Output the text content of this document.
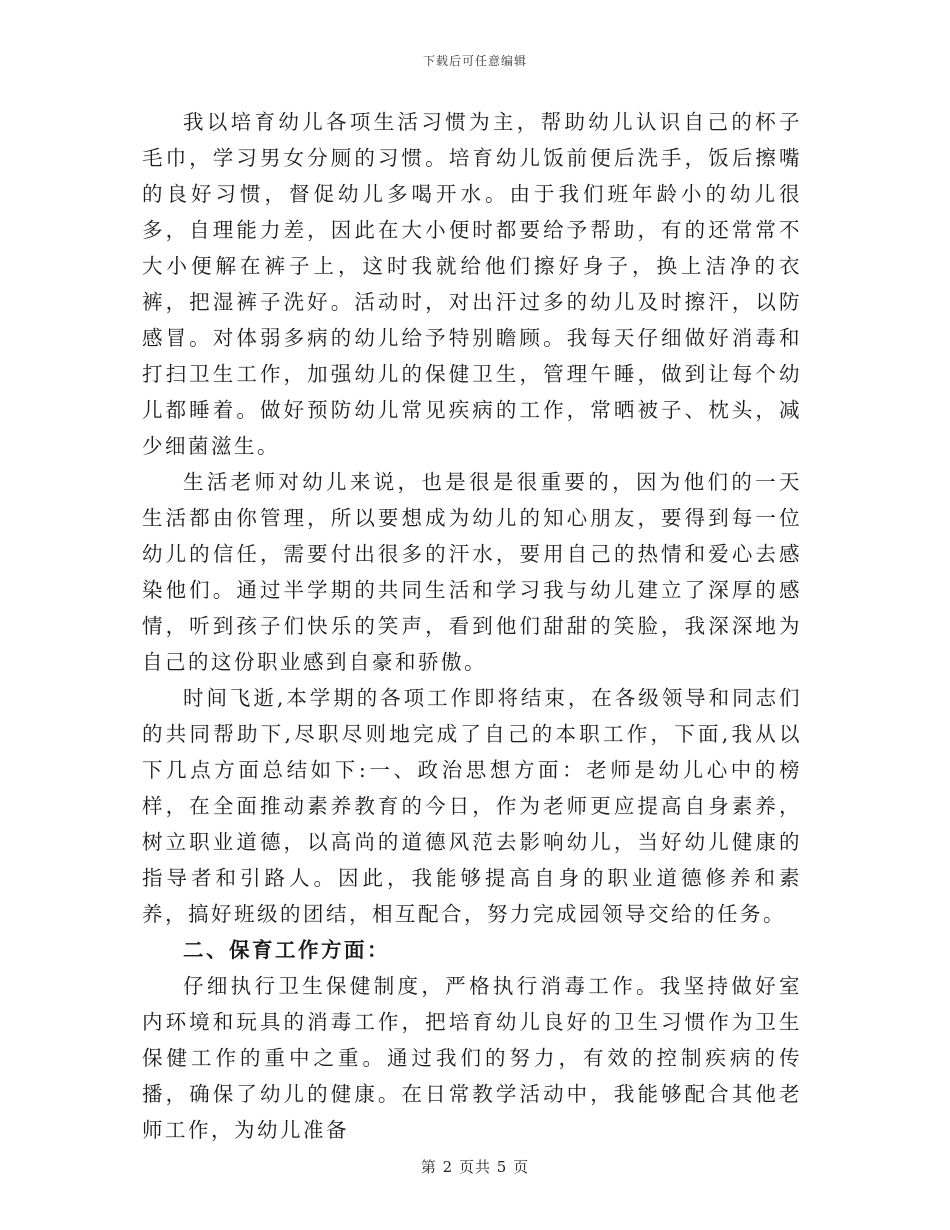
下载后可任意编辑

我以培育幼儿各项生活习惯为主，帮助幼儿认识自己的杯子毛巾，学习男女分厕的习惯。培育幼儿饭前便后洗手，饭后擦嘴的良好习惯，督促幼儿多喝开水。由于我们班年龄小的幼儿很多，自理能力差，因此在大小便时都要给予帮助，有的还常常不大小便解在裤子上，这时我就给他们擦好身子，换上洁净的衣裤，把湿裤子洗好。活动时，对出汗过多的幼儿及时擦汗，以防感冒。对体弱多病的幼儿给予特别瞻顾。我每天仔细做好消毒和打扫卫生工作，加强幼儿的保健卫生，管理午睡，做到让每个幼儿都睡着。做好预防幼儿常见疾病的工作，常晒被子、枕头，减少细菌滋生。

生活老师对幼儿来说，也是很是很重要的，因为他们的一天生活都由你管理，所以要想成为幼儿的知心朋友，要得到每一位幼儿的信任，需要付出很多的汗水，要用自己的热情和爱心去感染他们。通过半学期的共同生活和学习我与幼儿建立了深厚的感情，听到孩子们快乐的笑声，看到他们甜甜的笑脸，我深深地为自己的这份职业感到自豪和骄傲。

时间飞逝,本学期的各项工作即将结束，在各级领导和同志们的共同帮助下,尽职尽则地完成了自己的本职工作，下面,我从以下几点方面总结如下:一、政治思想方面：老师是幼儿心中的榜样，在全面推动素养教育的今日，作为老师更应提高自身素养，树立职业道德，以高尚的道德风范去影响幼儿，当好幼儿健康的指导者和引路人。因此，我能够提高自身的职业道德修养和素养，搞好班级的团结，相互配合，努力完成园领导交给的任务。

二、保育工作方面：

仔细执行卫生保健制度，严格执行消毒工作。我坚持做好室内环境和玩具的消毒工作，把培育幼儿良好的卫生习惯作为卫生保健工作的重中之重。通过我们的努力，有效的控制疾病的传播，确保了幼儿的健康。在日常教学活动中，我能够配合其他老师工作，为幼儿准备

第 2 页共 5 页
